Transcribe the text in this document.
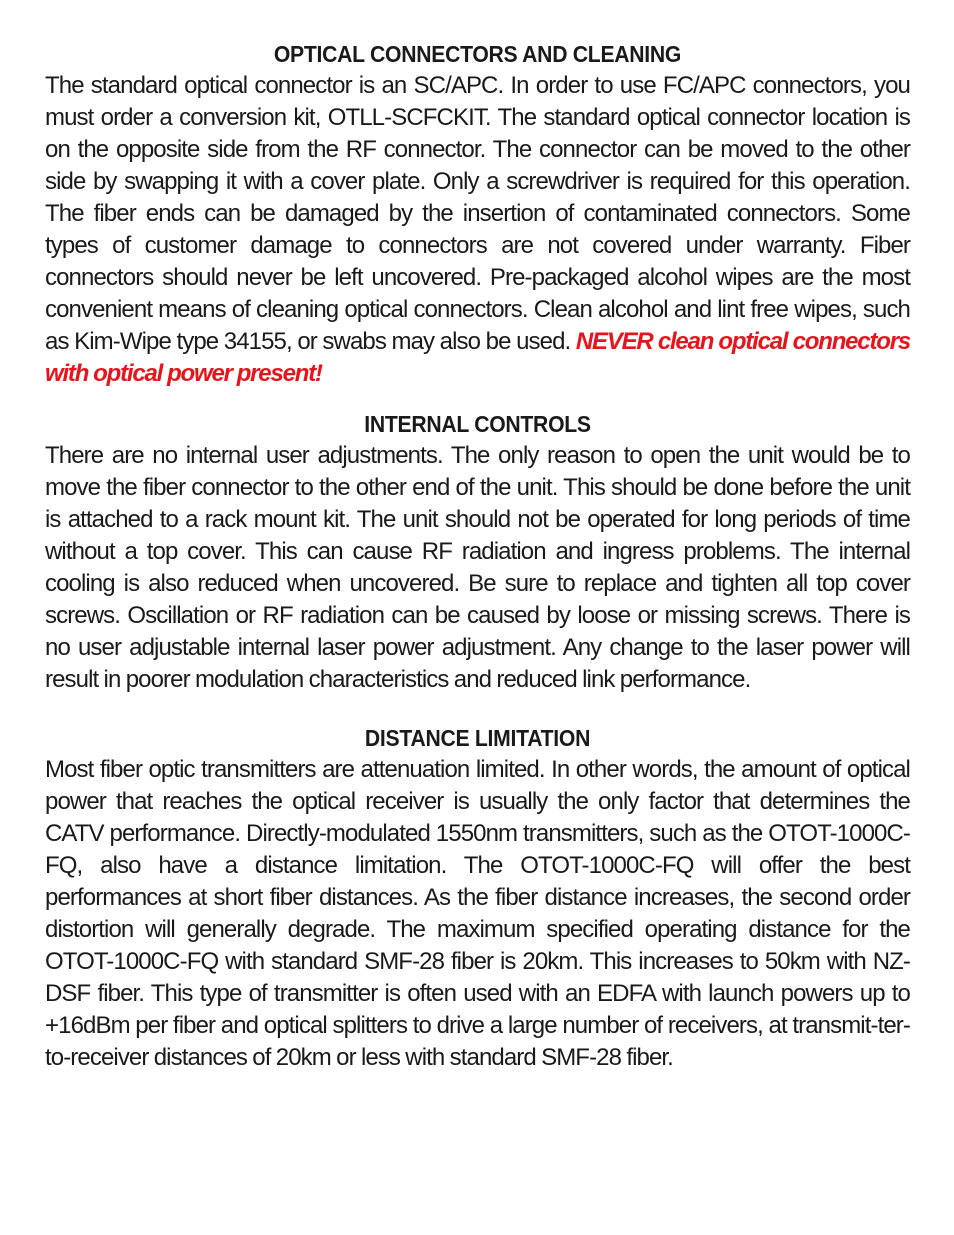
OPTICAL CONNECTORS AND CLEANING

The standard optical connector is an SC/APC. In order to use FC/APC connectors, you must order a conversion kit, OTLL-SCFCKIT. The standard optical connector location is on the opposite side from the RF connector. The connector can be moved to the other side by swapping it with a cover plate. Only a screwdriver is required for this operation. The fiber ends can be damaged by the insertion of contaminated connectors. Some types of customer damage to connectors are not covered under warranty. Fiber connectors should never be left uncovered. Pre-packaged alcohol wipes are the most convenient means of cleaning optical connectors. Clean alcohol and lint free wipes, such as Kim-Wipe type 34155, or swabs may also be used. NEVER clean optical connectors with optical power present!

INTERNAL CONTROLS

There are no internal user adjustments. The only reason to open the unit would be to move the fiber connector to the other end of the unit. This should be done before the unit is attached to a rack mount kit. The unit should not be operated for long periods of time without a top cover. This can cause RF radiation and ingress problems. The internal cooling is also reduced when uncovered. Be sure to replace and tighten all top cover screws. Oscillation or RF radiation can be caused by loose or missing screws. There is no user adjustable internal laser power adjustment. Any change to the laser power will result in poorer modulation characteristics and reduced link performance.

DISTANCE LIMITATION

Most fiber optic transmitters are attenuation limited. In other words, the amount of optical power that reaches the optical receiver is usually the only factor that determines the CATV performance. Directly-modulated 1550nm transmitters, such as the OTOT-1000C-FQ, also have a distance limitation. The OTOT-1000C-FQ will offer the best performances at short fiber distances. As the fiber distance increases, the second order distortion will generally degrade. The maximum specified operating distance for the OTOT-1000C-FQ with standard SMF-28 fiber is 20km. This increases to 50km with NZ-DSF fiber. This type of transmitter is often used with an EDFA with launch powers up to +16dBm per fiber and optical splitters to drive a large number of receivers, at transmit-ter-to-receiver distances of 20km or less with standard SMF-28 fiber.
